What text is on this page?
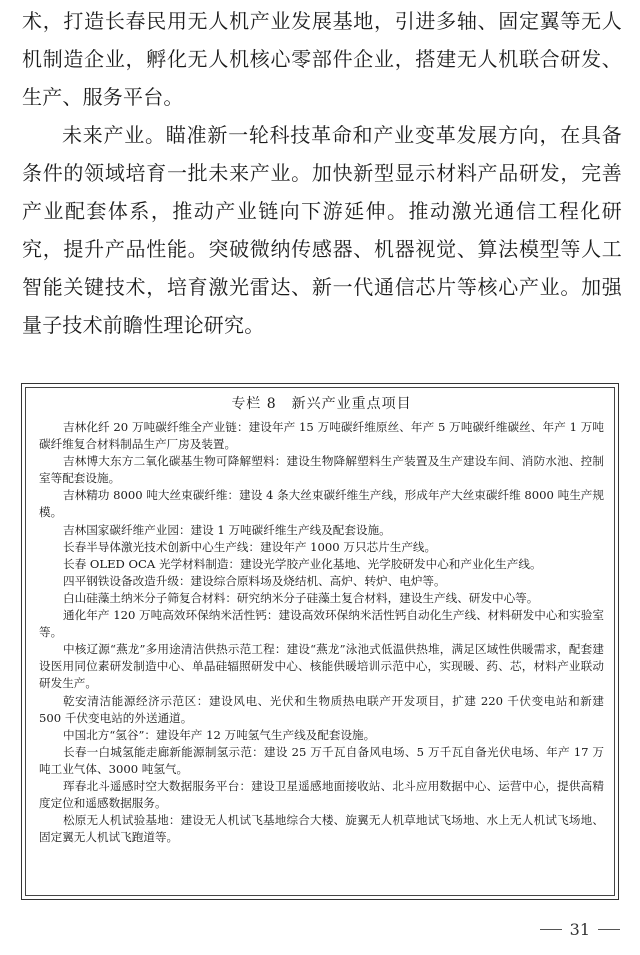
术，打造长春民用无人机产业发展基地，引进多轴、固定翼等无人机制造企业，孵化无人机核心零部件企业，搭建无人机联合研发、生产、服务平台。

未来产业。瞄准新一轮科技革命和产业变革发展方向，在具备条件的领域培育一批未来产业。加快新型显示材料产品研发，完善产业配套体系，推动产业链向下游延伸。推动激光通信工程化研究，提升产品性能。突破微纳传感器、机器视觉、算法模型等人工智能关键技术，培育激光雷达、新一代通信芯片等核心产业。加强量子技术前瞻性理论研究。

专栏 8　新兴产业重点项目

吉林化纤 20 万吨碳纤维全产业链：建设年产 15 万吨碳纤维原丝、年产 5 万吨碳纤维碳丝、年产 1 万吨碳纤维复合材料制品生产厂房及装置。

吉林博大东方二氧化碳基生物可降解塑料：建设生物降解塑料生产装置及生产建设车间、消防水池、控制室等配套设施。

吉林精功 8000 吨大丝束碳纤维：建设 4 条大丝束碳纤维生产线，形成年产大丝束碳纤维 8000 吨生产规模。

吉林国家碳纤维产业园：建设 1 万吨碳纤维生产线及配套设施。

长春半导体激光技术创新中心生产线：建设年产 1000 万只芯片生产线。

长春 OLED OCA 光学材料制造：建设光学胶产业化基地、光学胶研发中心和产业化生产线。

四平钢铁设备改造升级：建设综合原料场及烧结机、高炉、转炉、电炉等。

白山硅藻土纳米分子筛复合材料：研究纳米分子硅藻土复合材料，建设生产线、研发中心等。

通化年产 120 万吨高效环保纳米活性钙：建设高效环保纳米活性钙自动化生产线、材料研发中心和实验室等。

中核辽源“燕龙”多用途清洁供热示范工程：建设“燕龙”泳池式低温供热堆，满足区域性供暖需求，配套建设医用同位素研发制造中心、单晶硅辐照研发中心、核能供暖培训示范中心，实现暖、药、芯，材料产业联动研发生产。

乾安清洁能源经济示范区：建设风电、光伏和生物质热电联产开发项目，扩建 220 千伏变电站和新建 500 千伏变电站的外送通道。

中国北方“氢谷”：建设年产 12 万吨氢气生产线及配套设施。

长春一白城氢能走廊新能源制氢示范：建设 25 万千瓦自备风电场、5 万千瓦自备光伏电场、年产 17 万吨工业气体、3000 吨氢气。

珲春北斗遥感时空大数据服务平台：建设卫星遥感地面接收站、北斗应用数据中心、运营中心，提供高精度定位和遥感数据服务。

松原无人机试验基地：建设无人机试飞基地综合大楼、旋翼无人机草地试飞场地、水上无人机试飞场地、固定翼无人机试飞跑道等。

31
